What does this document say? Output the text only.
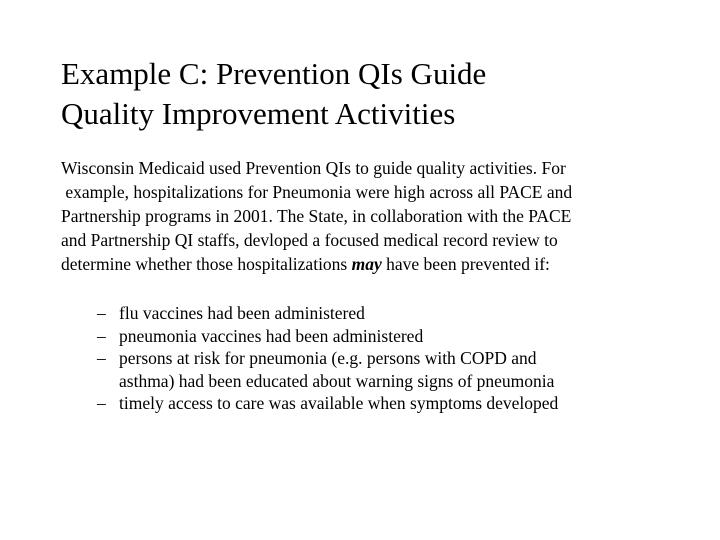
Example C: Prevention QIs Guide
Quality Improvement Activities
Wisconsin Medicaid used Prevention QIs to guide quality activities. For
example, hospitalizations for Pneumonia were high across all PACE and
Partnership programs in 2001. The State, in collaboration with the PACE
and Partnership QI staffs, devloped a focused medical record review to
determine whether those hospitalizations may have been prevented if:
– flu vaccines had been administered
– pneumonia vaccines had been administered
– persons at risk for pneumonia (e.g. persons with COPD and
asthma) had been educated about warning signs of pneumonia
– timely access to care was available when symptoms developed
